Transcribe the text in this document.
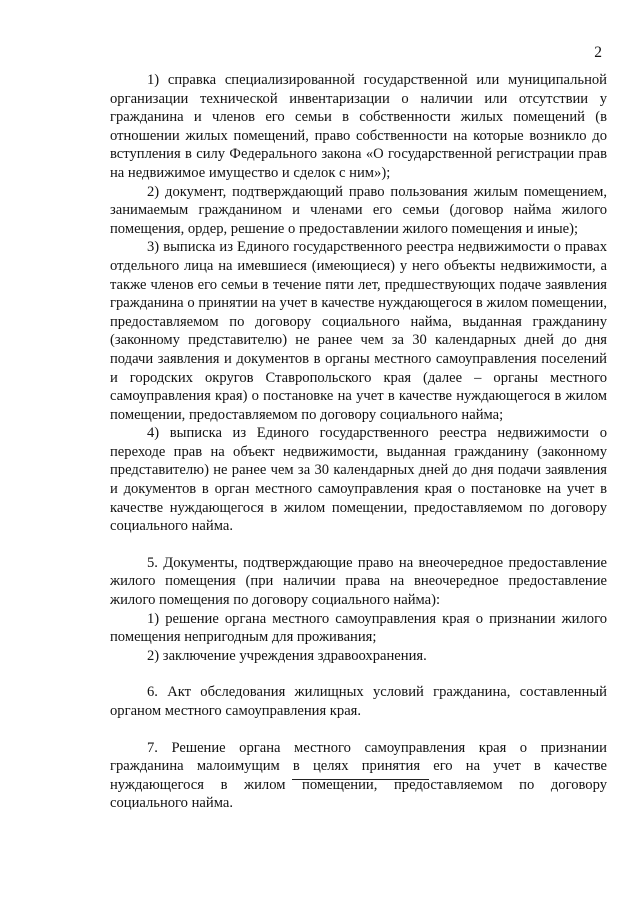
2

1) справка специализированной государственной или муниципальной организации технической инвентаризации о наличии или отсутствии у гражданина и членов его семьи в собственности жилых помещений (в отношении жилых помещений, право собственности на которые возникло до вступления в силу Федерального закона «О государственной регистрации прав на недвижимое имущество и сделок с ним»);

2) документ, подтверждающий право пользования жилым помещением, занимаемым гражданином и членами его семьи (договор найма жилого помещения, ордер, решение о предоставлении жилого помещения и иные);

3) выписка из Единого государственного реестра недвижимости о правах отдельного лица на имевшиеся (имеющиеся) у него объекты недвижимости, а также членов его семьи в течение пяти лет, предшествующих подаче заявления гражданина о принятии на учет в качестве нуждающегося в жилом помещении, предоставляемом по договору социального найма, выданная гражданину (законному представителю) не ранее чем за 30 календарных дней до дня подачи заявления и документов в органы местного самоуправления поселений и городских округов Ставропольского края (далее – органы местного самоуправления края) о постановке на учет в качестве нуждающегося в жилом помещении, предоставляемом по договору социального найма;

4) выписка из Единого государственного реестра недвижимости о переходе прав на объект недвижимости, выданная гражданину (законному представителю) не ранее чем за 30 календарных дней до дня подачи заявления и документов в орган местного самоуправления края о постановке на учет в качестве нуждающегося в жилом помещении, предоставляемом по договору социального найма.

5. Документы, подтверждающие право на внеочередное предоставление жилого помещения (при наличии права на внеочередное предоставление жилого помещения по договору социального найма):

1) решение органа местного самоуправления края о признании жилого помещения непригодным для проживания;

2) заключение учреждения здравоохранения.

6. Акт обследования жилищных условий гражданина, составленный органом местного самоуправления края.

7. Решение органа местного самоуправления края о признании гражданина малоимущим в целях принятия его на учет в качестве нуждающегося в жилом помещении, предоставляемом по договору социального найма.
